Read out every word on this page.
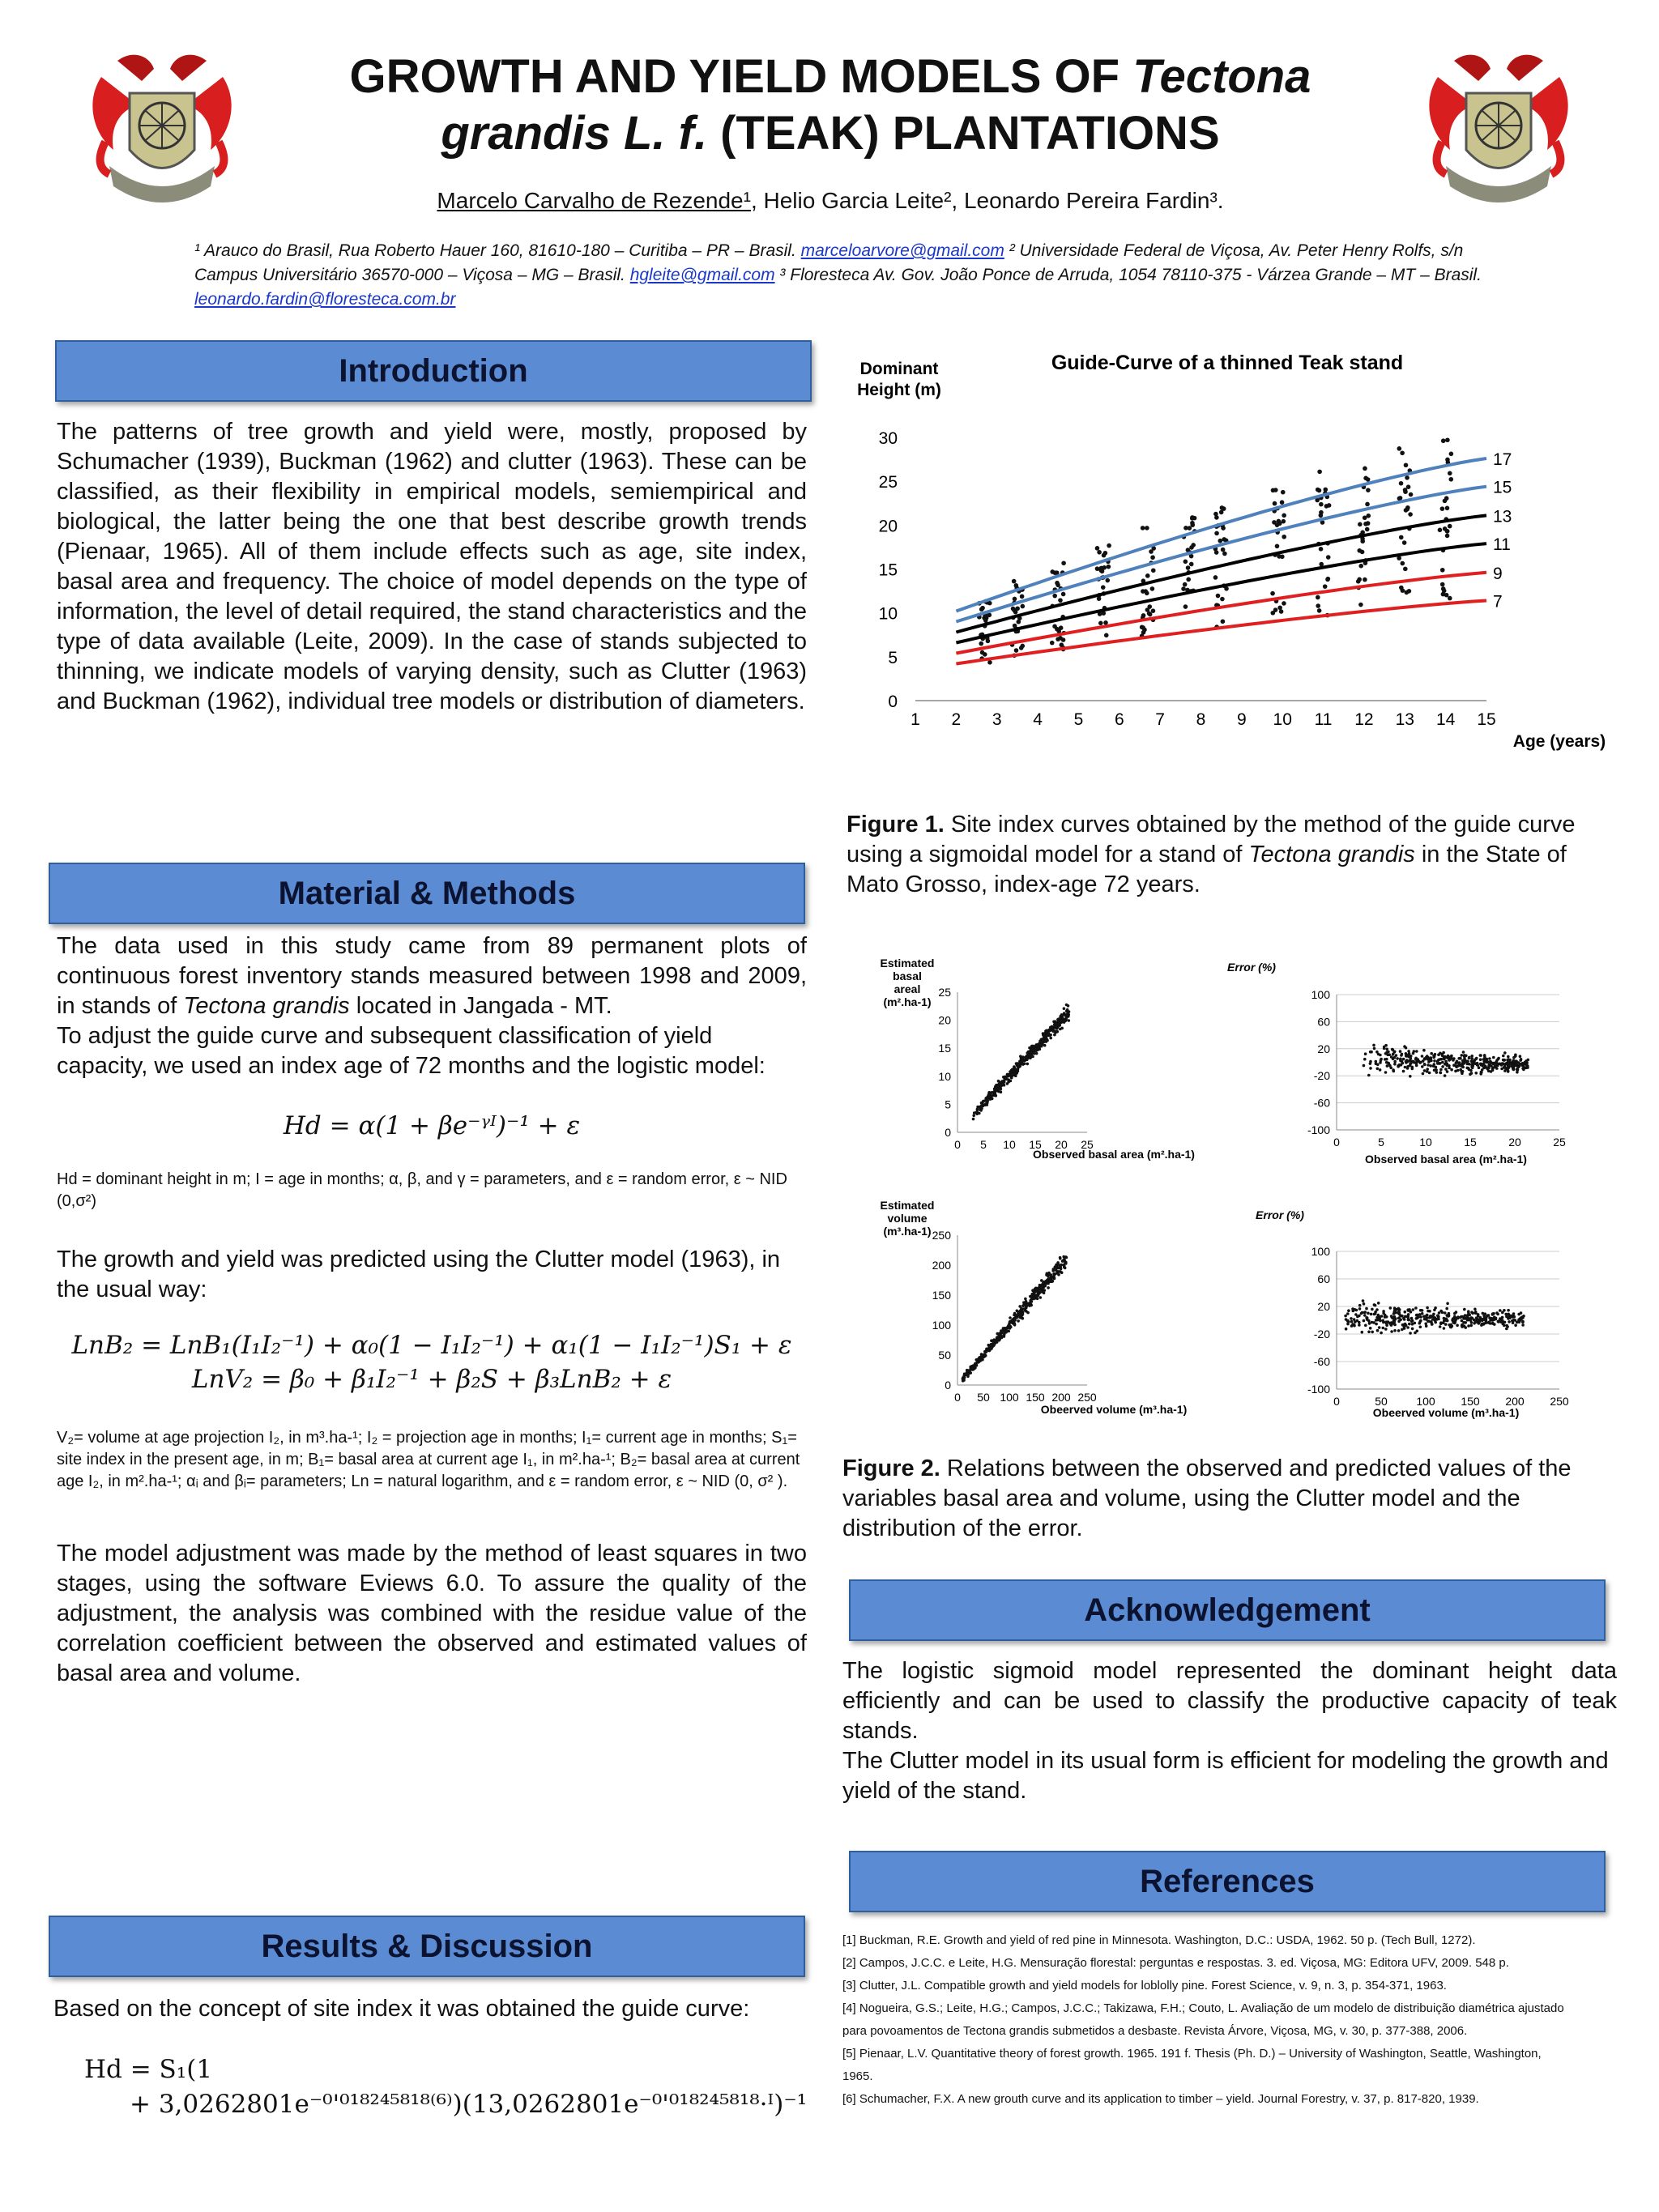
GROWTH AND YIELD MODELS OF Tectona
grandis L. f. (TEAK) PLANTATIONS
Marcelo Carvalho de Rezende¹, Helio Garcia Leite², Leonardo Pereira Fardin³.
¹ Arauco do Brasil, Rua Roberto Hauer 160, 81610-180 – Curitiba – PR – Brasil. marceloarvore@gmail.com ² Universidade Federal de Viçosa, Av. Peter Henry Rolfs, s/n Campus Universitário 36570-000 – Viçosa – MG – Brasil. hgleite@gmail.com ³ Floresteca Av. Gov. João Ponce de Arruda, 1054 78110-375 - Várzea Grande – MT – Brasil. leonardo.fardin@floresteca.com.br
Introduction
The patterns of tree growth and yield were, mostly, proposed by Schumacher (1939), Buckman (1962) and clutter (1963). These can be classified, as their flexibility in empirical models, semiempirical and biological, the latter being the one that best describe growth trends (Pienaar, 1965). All of them include effects such as age, site index, basal area and frequency. The choice of model depends on the type of information, the level of detail required, the stand characteristics and the type of data available (Leite, 2009). In the case of stands subjected to thinning, we indicate models of varying density, such as Clutter (1963) and Buckman (1962), individual tree models or distribution of diameters.
Material & Methods
The data used in this study came from 89 permanent plots of continuous forest inventory stands measured between 1998 and 2009, in stands of Tectona grandis located in Jangada - MT.
To adjust the guide curve and subsequent classification of yield capacity, we used an index age of 72 months and the logistic model:
Hd = α(1 + βe⁻ᵞᴵ)⁻¹ + ε
Hd = dominant height in m; I = age in months; α, β, and γ = parameters, and ε = random error, ε ~ NID (0,σ²)
The growth and yield was predicted using the Clutter model (1963), in the usual way:
LnB₂ = LnB₁(I₁I₂⁻¹) + α₀(1 − I₁I₂⁻¹) + α₁(1 − I₁I₂⁻¹)S₁ + ε
LnV₂ = β₀ + β₁I₂⁻¹ + β₂S + β₃LnB₂ + ε
V₂= volume at age projection I₂, in m³.ha-¹; I₂ = projection age in months; I₁= current age in months; S₁= site index in the present age, in m; B₁= basal area at current age I₁, in m².ha-¹; B₂= basal area at current age I₂, in m².ha-¹; αᵢ and βᵢ= parameters; Ln = natural logarithm, and ε = random error, ε ~ NID (0, σ² ).
The model adjustment was made by the method of least squares in two stages, using the software Eviews 6.0. To assure the quality of the adjustment, the analysis was combined with the residue value of the correlation coefficient between the observed and estimated values of basal area and volume.
Results & Discussion
Based on the concept of site index it was obtained the guide curve:
Hd = S₁(1
+ 3,0262801e⁻⁰'⁰¹⁸²⁴⁵⁸¹⁸⁽⁶⁾)(13,0262801e⁻⁰'⁰¹⁸²⁴⁵⁸¹⁸·ᴵ)⁻¹
Guide-Curve of a thinned Teak stand
Dominant
Height (m)
Age (years)
0
5
10
15
20
25
30
1 2 3 4 5 6 7 8 9 10 11 12 13 14 15
17
15
13
11
9
7
Figure 1. Site index curves obtained by the method of the guide curve using a sigmoidal model for a stand of Tectona grandis in the State of Mato Grosso, index-age 72 years.
Estimated
basal
areal
(m².ha-1)
Observed basal area (m².ha-1)
0
5
10
15
20
25
0 5 10 15 20 25
Error (%)
Observed basal area (m².ha-1)
100
60
20
-20
-60
-100
0	5	10	15	20	25
Estimated
volume
(m³.ha-1)
Obeerved volume (m³.ha-1)
0
50
100
150
200
250
0 50 100 150 200 250
Error (%)
Obeerved volume (m³.ha-1)
100
60
20
-20
-60
-100
0	50	100 150 200 250
Figure 2. Relations between the observed and predicted values of the variables basal area and volume, using the Clutter model and the distribution of the error.
Acknowledgement
The logistic sigmoid model represented the dominant height data efficiently and can be used to classify the productive capacity of teak stands.
The Clutter model in its usual form is efficient for modeling the growth and yield of the stand.
References
[1] Buckman, R.E. Growth and yield of red pine in Minnesota. Washington, D.C.: USDA, 1962. 50 p. (Tech Bull, 1272).
[2] Campos, J.C.C. e Leite, H.G. Mensuração florestal: perguntas e respostas. 3. ed. Viçosa, MG: Editora UFV, 2009. 548 p.
[3] Clutter, J.L. Compatible growth and yield models for loblolly pine. Forest Science, v. 9, n. 3, p. 354-371, 1963.
[4] Nogueira, G.S.; Leite, H.G.; Campos, J.C.C.; Takizawa, F.H.; Couto, L. Avaliação de um modelo de distribuição diamétrica ajustado
para povoamentos de Tectona grandis submetidos a desbaste. Revista Árvore, Viçosa, MG, v. 30, p. 377-388, 2006.
[5] Pienaar, L.V. Quantitative theory of forest growth. 1965. 191 f. Thesis (Ph. D.) – University of Washington, Seattle, Washington,
1965.
[6] Schumacher, F.X. A new grouth curve and its application to timber – yield. Journal Forestry, v. 37, p. 817-820, 1939.
